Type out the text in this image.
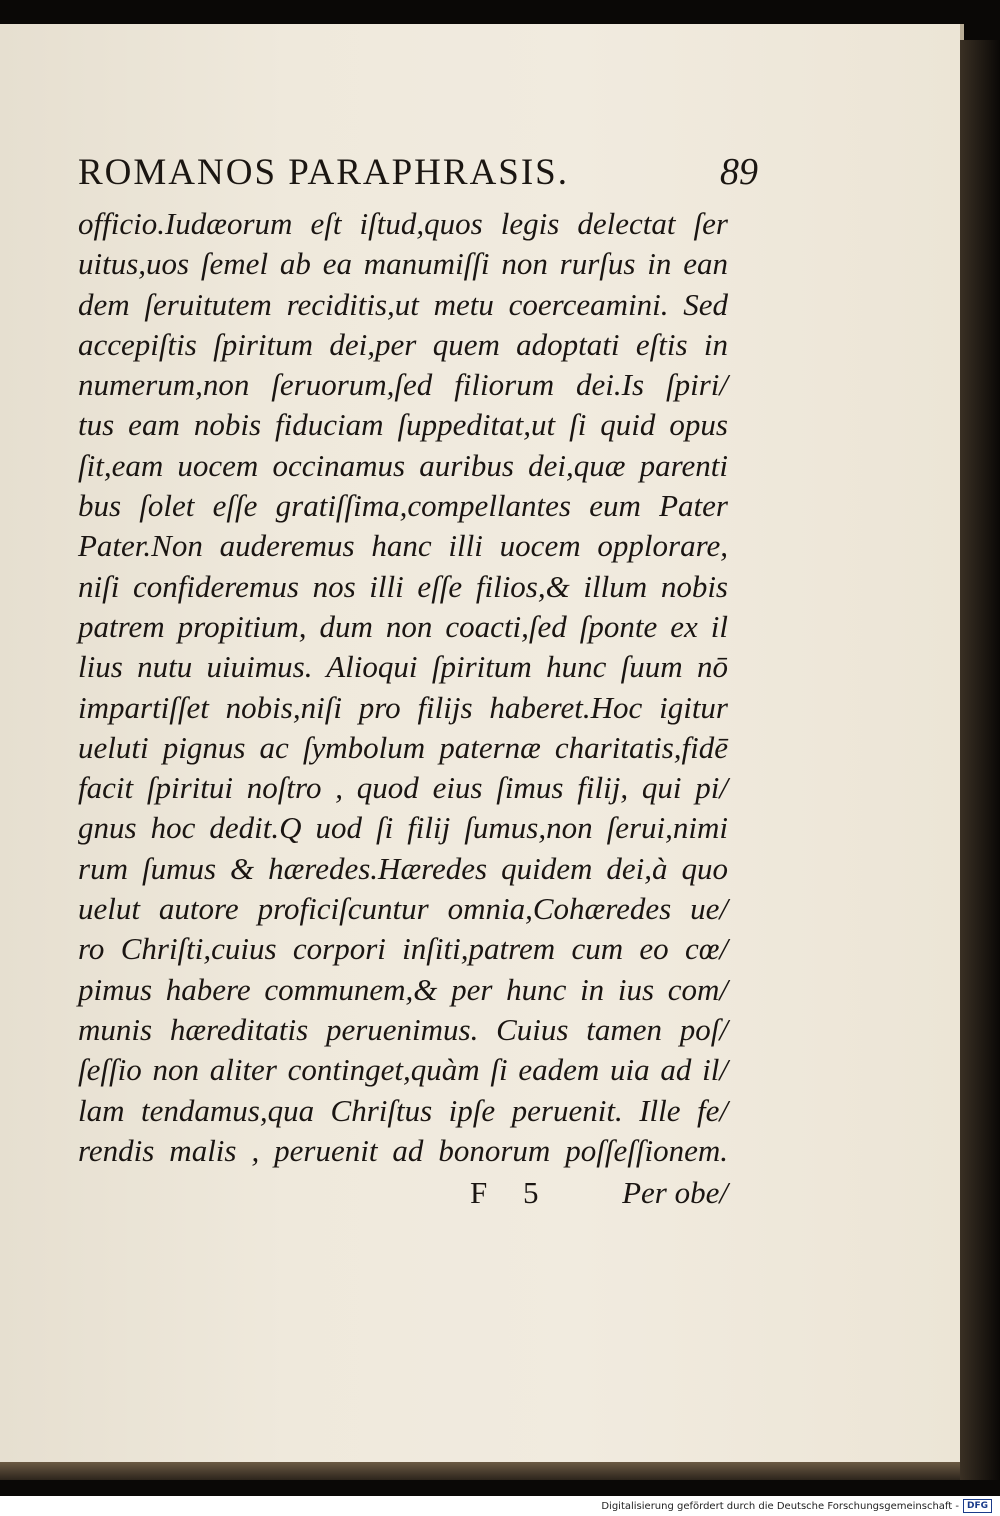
ROMANOS PARAPHRASIS.	89
officio.Iudæorum eſt iſtud,quos legis delectat ſer
uitus,uos ſemel ab ea manumiſſi non rurſus in ean
dem ſeruitutem reciditis,ut metu coerceamini. Sed
accepiſtis ſpiritum dei,per quem adoptati eſtis in
numerum,non ſeruorum,ſed filiorum dei.Is ſpiri/
tus eam nobis fiduciam ſuppeditat,ut ſi quid opus
ſit,eam uocem occinamus auribus dei,quæ parenti
bus ſolet eſſe gratiſſima,compellantes eum Pater
Pater.Non auderemus hanc illi uocem opplorare,
niſi confideremus nos illi eſſe filios,& illum nobis
patrem propitium, dum non coacti,ſed ſponte ex il
lius nutu uiuimus. Alioqui ſpiritum hunc ſuum nō
impartiſſet nobis,niſi pro filijs haberet.Hoc igitur
ueluti pignus ac ſymbolum paternæ charitatis,fidē
facit ſpiritui noſtro , quod eius ſimus filij, qui pi/
gnus hoc dedit.Q uod ſi filij ſumus,non ſerui,nimi
rum ſumus & hæredes.Hæredes quidem dei,à quo
uelut autore proficiſcuntur omnia,Cohæredes ue/
ro Chriſti,cuius corpori inſiti,patrem cum eo cœ/
pimus habere communem,& per hunc in ius com/
munis hæreditatis peruenimus. Cuius tamen poſ/
ſeſſio non aliter continget,quàm ſi eadem uia ad il/
lam tendamus,qua Chriſtus ipſe peruenit. Ille fe/
rendis malis , peruenit ad bonorum poſſeſſionem.
F 5 Per obe/
Digitalisierung gefördert durch die Deutsche Forschungsgemeinschaft - DFG
